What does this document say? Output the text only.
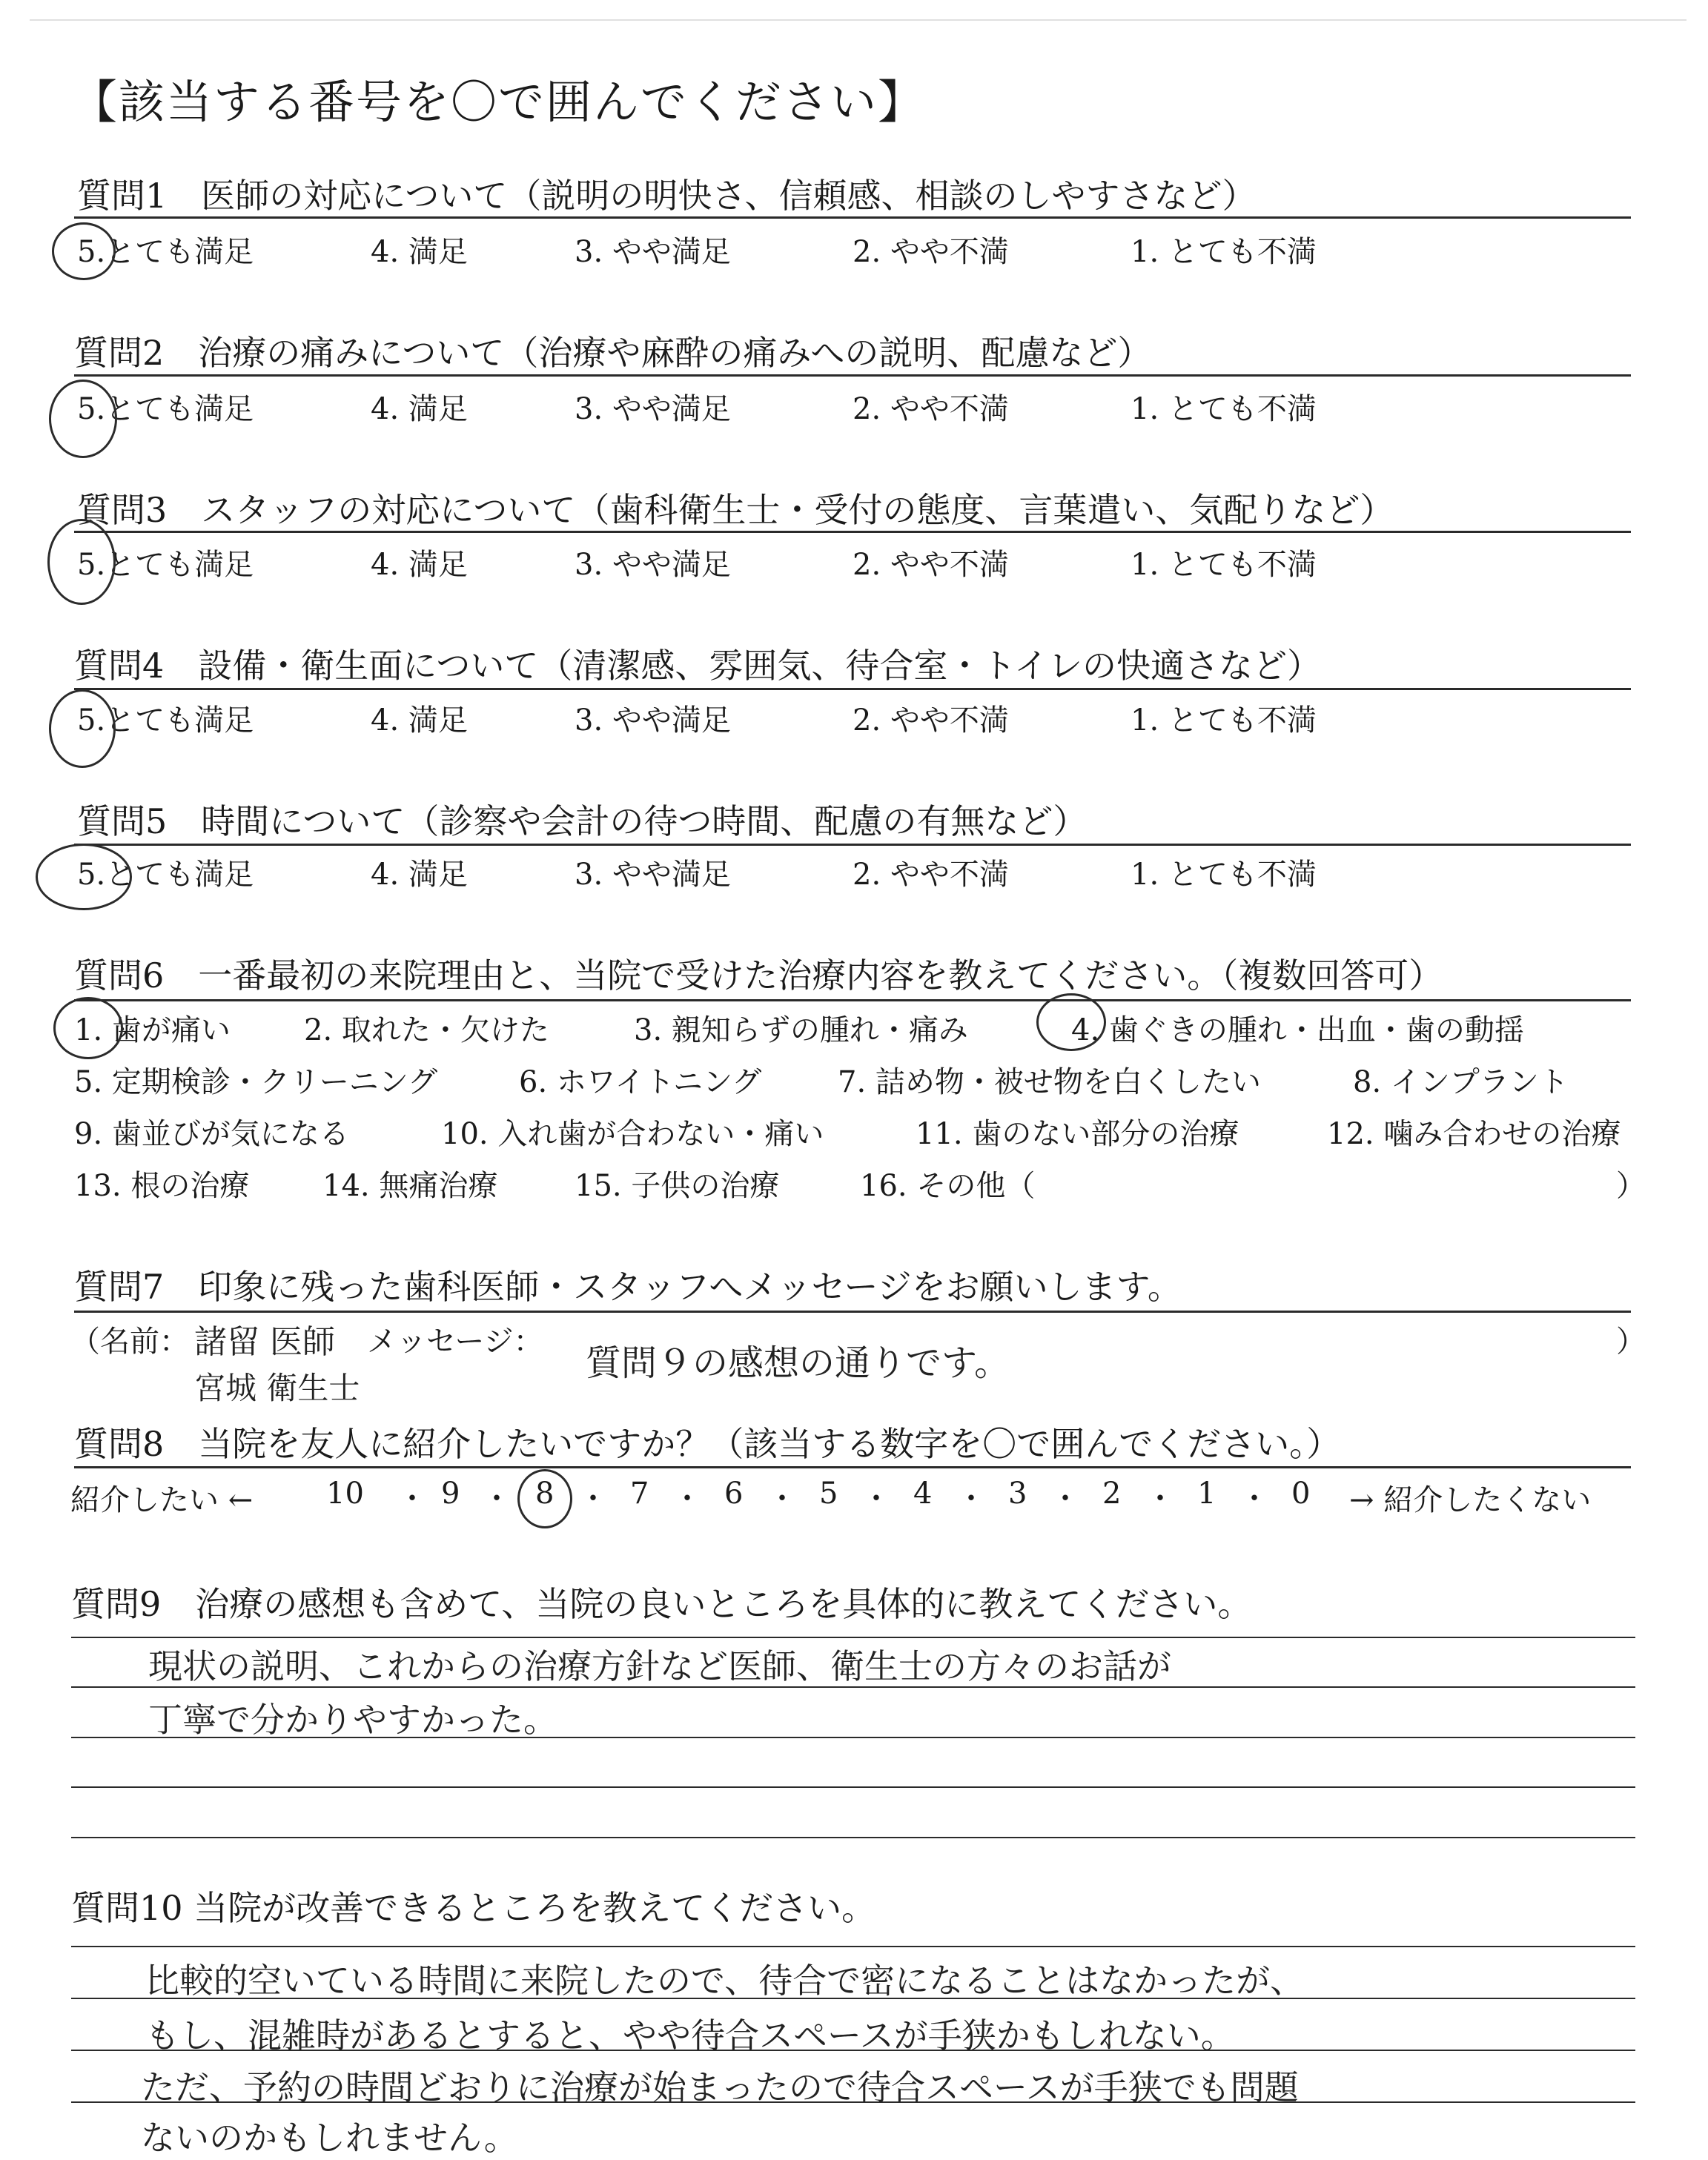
【該当する番号を〇で囲んでください】
質問1　医師の対応について（説明の明快さ、信頼感、相談のしやすさなど）
5.とても満足	4. 満足	3. やや満足	2. やや不満	1. とても不満
質問2　治療の痛みについて（治療や麻酔の痛みへの説明、配慮など）
5.とても満足	4. 満足	3. やや満足	2. やや不満	1. とても不満
質問3　スタッフの対応について（歯科衛生士・受付の態度、言葉遣い、気配りなど）
5.とても満足	4. 満足	3. やや満足	2. やや不満	1. とても不満
質問4　設備・衛生面について（清潔感、雰囲気、待合室・トイレの快適さなど）
5.とても満足	4. 満足	3. やや満足	2. やや不満	1. とても不満
質問5　時間について（診察や会計の待つ時間、配慮の有無など）
5.とても満足	4. 満足	3. やや満足	2. やや不満	1. とても不満
質問6　一番最初の来院理由と、当院で受けた治療内容を教えてください。（複数回答可）
1. 歯が痛い 2. 取れた・欠けた	3. 親知らずの腫れ・痛み	4. 歯ぐきの腫れ・出血・歯の動揺
5. 定期検診・クリーニング	6. ホワイトニング	7. 詰め物・被せ物を白くしたい	8. インプラント
9. 歯並びが気になる	10. 入れ歯が合わない・痛い	11. 歯のない部分の治療	12. 噛み合わせの治療
13. 根の治療 14. 無痛治療	15. 子供の治療	16. その他（	）
質問7　印象に残った歯科医師・スタッフへメッセージをお願いします。
（名前： 諸留 医師
宮城 衛生士
メッセージ：
質問９の感想の通りです。
）
質問8　当院を友人に紹介したいですか？（該当する数字を〇で囲んでください。）
紹介したい ← 10	9	8	7	6	5	4	3	2	1	0
・ ・ ・ ・ ・ ・ ・ ・ ・ ・	→ 紹介したくない
質問9　治療の感想も含めて、当院の良いところを具体的に教えてください。
現状の説明、これからの治療方針など医師、衛生士の方々のお話が
丁寧で分かりやすかった。
質問10 当院が改善できるところを教えてください。
比較的空いている時間に来院したので、待合で密になることはなかったが、
もし、混雑時があるとすると、やや待合スペースが手狭かもしれない。
ただ、予約の時間どおりに治療が始まったので待合スペースが手狭でも問題
ないのかもしれません。
